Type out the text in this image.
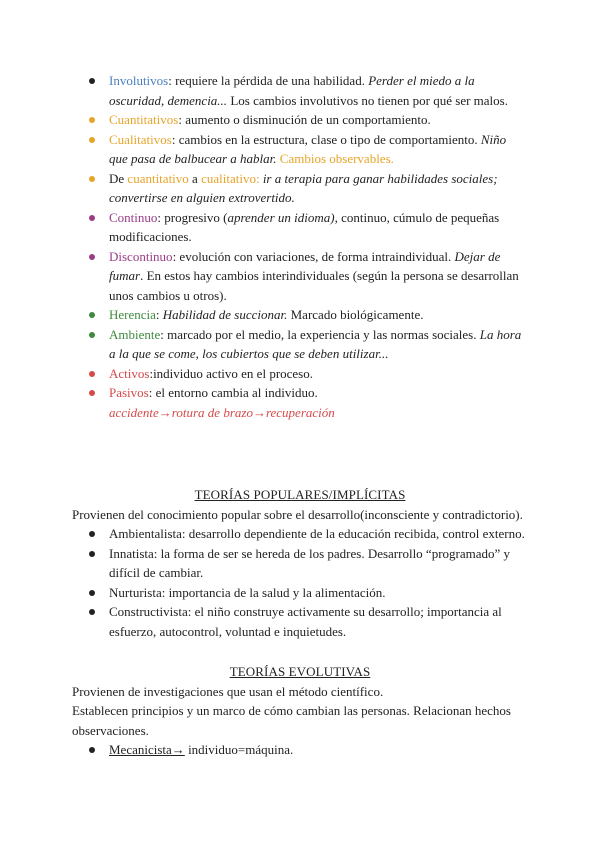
Involutivos: requiere la pérdida de una habilidad. Perder el miedo a la oscuridad, demencia... Los cambios involutivos no tienen por qué ser malos.
Cuantitativos: aumento o disminución de un comportamiento.
Cualitativos: cambios en la estructura, clase o tipo de comportamiento. Niño que pasa de balbucear a hablar. Cambios observables.
De cuantitativo a cualitativo: ir a terapia para ganar habilidades sociales; convertirse en alguien extrovertido.
Continuo: progresivo (aprender un idioma), continuo, cúmulo de pequeñas modificaciones.
Discontinuo: evolución con variaciones, de forma intraindividual. Dejar de fumar. En estos hay cambios interindividuales (según la persona se desarrollan unos cambios u otros).
Herencia: Habilidad de succionar. Marcado biológicamente.
Ambiente: marcado por el medio, la experiencia y las normas sociales. La hora a la que se come, los cubiertos que se deben utilizar...
Activos:individuo activo en el proceso.
Pasivos: el entorno cambia al individuo.
accidente→rotura de brazo→recuperación

TEORÍAS POPULARES/IMPLÍCITAS

Provienen del conocimiento popular sobre el desarrollo(inconsciente y contradictorio).

Ambientalista: desarrollo dependiente de la educación recibida, control externo.
Innatista: la forma de ser se hereda de los padres. Desarrollo “programado” y difícil de cambiar.
Nurturista: importancia de la salud y la alimentación.
Constructivista: el niño construye activamente su desarrollo; importancia al esfuerzo, autocontrol, voluntad e inquietudes.

TEORÍAS EVOLUTIVAS

Provienen de investigaciones que usan el método científico.

Establecen principios y un marco de cómo cambian las personas. Relacionan hechos observaciones.

Mecanicista→ individuo=máquina.
